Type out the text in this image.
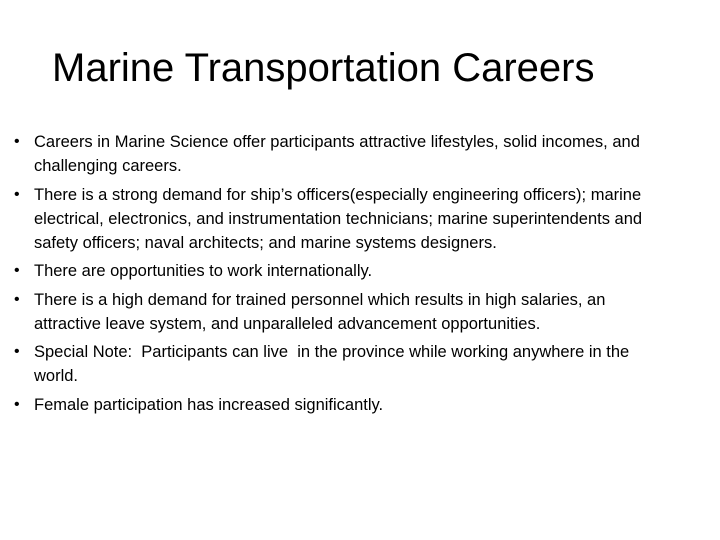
Marine Transportation Careers
• Careers in Marine Science offer participants attractive lifestyles, solid incomes, and challenging careers.
• There is a strong demand for ship’s officers(especially engineering officers); marine electrical, electronics, and instrumentation technicians; marine superintendents and safety officers; naval architects; and marine systems designers.
• There are opportunities to work internationally.
• There is a high demand for trained personnel which results in high salaries, an attractive leave system, and unparalleled advancement opportunities.
• Special Note:  Participants can live  in the province while working anywhere in the world.
• Female participation has increased significantly.
